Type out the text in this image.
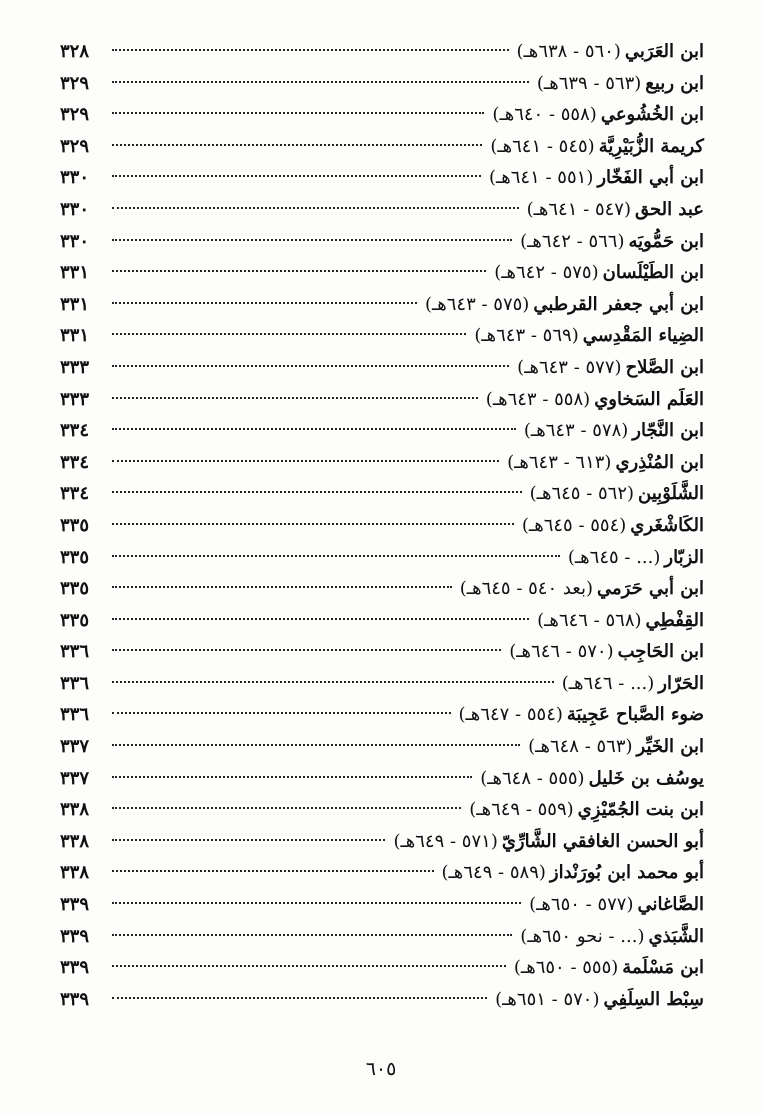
ابن العَرَبي
(٥٦٠ - ٦٣٨هـ)
٣٢٨
ابن ربيع
(٥٦٣ - ٦٣٩هـ)
٣٢٩
ابن الخُشُوعي
(٥٥٨ - ٦٤٠هـ)
٣٢٩
كريمة الزُّبَيْرِيَّة
(٥٤٥ - ٦٤١هـ)
٣٢٩
ابن أبي الفَخّار
(٥٥١ - ٦٤١هـ)
٣٣٠
عبد الحق
(٥٤٧ - ٦٤١هـ)
٣٣٠
ابن حَمُّويَه
(٥٦٦ - ٦٤٢هـ)
٣٣٠
ابن الطَيْلَسان
(٥٧٥ - ٦٤٢هـ)
٣٣١
ابن أبي جعفر القرطبي
(٥٧٥ - ٦٤٣هـ)
٣٣١
الضِياء المَقْدِسي
(٥٦٩ - ٦٤٣هـ)
٣٣١
ابن الصَّلاح
(٥٧٧ - ٦٤٣هـ)
٣٣٣
العَلَم السَخاوي
(٥٥٨ - ٦٤٣هـ)
٣٣٣
ابن النَّجّار
(٥٧٨ - ٦٤٣هـ)
٣٣٤
ابن المُنْذِري
(٦١٣ - ٦٤٣هـ)
٣٣٤
الشَّلَوْبِين
(٥٦٢ - ٦٤٥هـ)
٣٣٤
الكَاشْغَري
(٥٥٤ - ٦٤٥هـ)
٣٣٥
الزبّار
(... - ٦٤٥هـ)
٣٣٥
ابن أبي حَرَمي
(بعد ٥٤٠ - ٦٤٥هـ)
٣٣٥
القِفْطِي
(٥٦٨ - ٦٤٦هـ)
٣٣٥
ابن الحَاجِب
(٥٧٠ - ٦٤٦هـ)
٣٣٦
الحَرّار
(... - ٦٤٦هـ)
٣٣٦
ضوء الصَّباح عَجِيبَة
(٥٥٤ - ٦٤٧هـ)
٣٣٦
ابن الخَيِّر
(٥٦٣ - ٦٤٨هـ)
٣٣٧
يوسُف بن خَليل
(٥٥٥ - ٦٤٨هـ)
٣٣٧
ابن بنت الجُمّيْزِي
(٥٥٩ - ٦٤٩هـ)
٣٣٨
أبو الحسن الغافقي الشَّارِّيّ
(٥٧١ - ٦٤٩هـ)
٣٣٨
أبو محمد ابن بُورَنْداز
(٥٨٩ - ٦٤٩هـ)
٣٣٨
الصَّاغاني
(٥٧٧ - ٦٥٠هـ)
٣٣٩
الشَّبَذي
(... - نحو ٦٥٠هـ)
٣٣٩
ابن مَسْلَمة
(٥٥٥ - ٦٥٠هـ)
٣٣٩
سِبْط السِلَفِي
(٥٧٠ - ٦٥١هـ)
٣٣٩
٦٠٥
